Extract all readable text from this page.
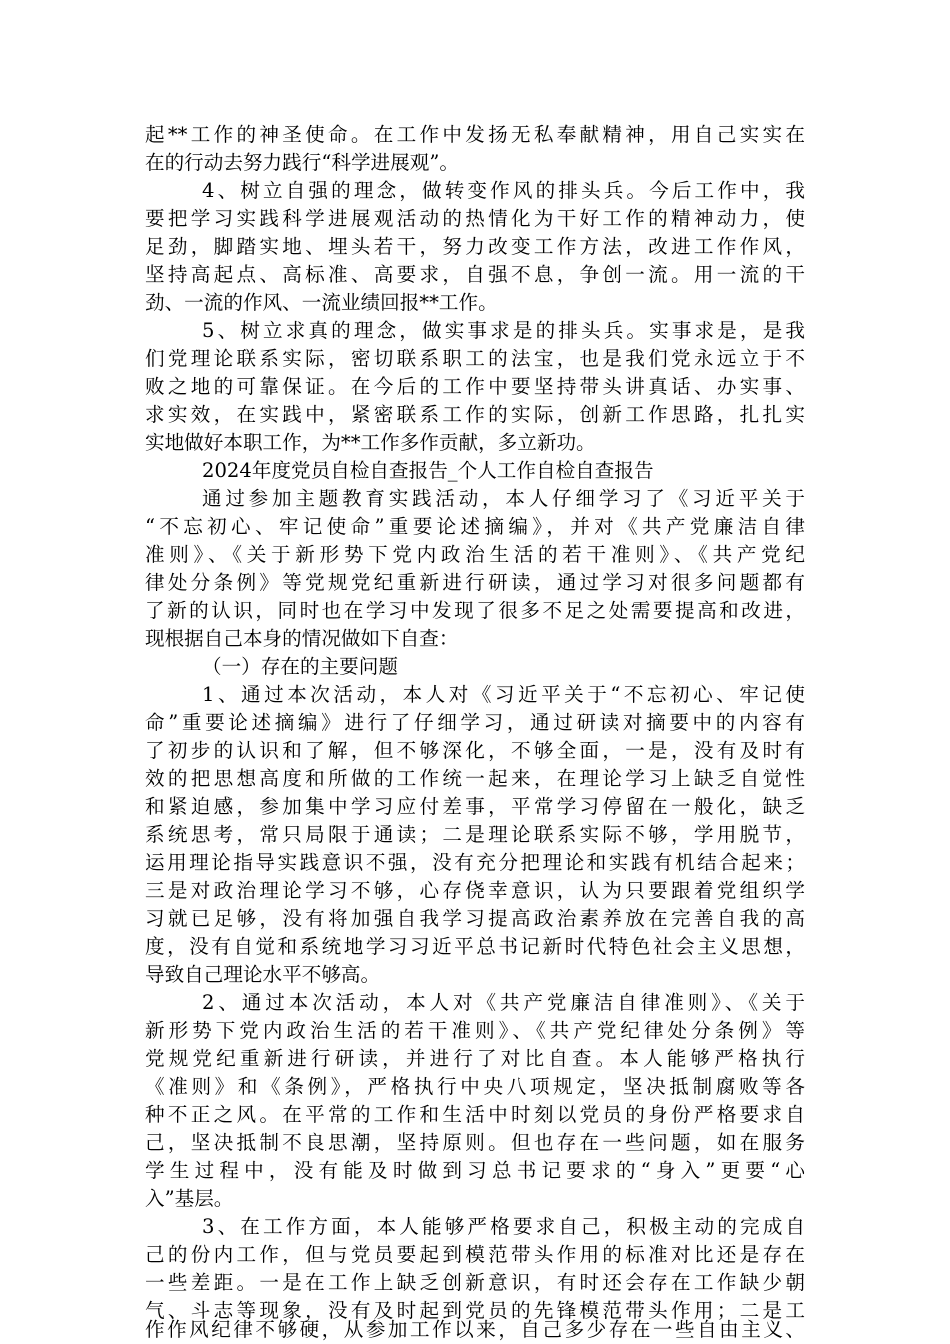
起**工作的神圣使命。在工作中发扬无私奉献精神，用自己实实在
在的行动去努力践行“科学进展观”。
4、树立自强的理念，做转变作风的排头兵。今后工作中，我
要把学习实践科学进展观活动的热情化为干好工作的精神动力，使
足劲，脚踏实地、埋头若干，努力改变工作方法，改进工作作风，
坚持高起点、高标准、高要求，自强不息，争创一流。用一流的干
劲、一流的作风、一流业绩回报**工作。
5、树立求真的理念，做实事求是的排头兵。实事求是，是我
们党理论联系实际，密切联系职工的法宝，也是我们党永远立于不
败之地的可靠保证。在今后的工作中要坚持带头讲真话、办实事、
求实效，在实践中，紧密联系工作的实际，创新工作思路，扎扎实
实地做好本职工作，为**工作多作贡献，多立新功。
2024年度党员自检自查报告_个人工作自检自查报告
通过参加主题教育实践活动，本人仔细学习了《习近平关于
“不忘初心、牢记使命”重要论述摘编》，并对《共产党廉洁自律
准则》、《关于新形势下党内政治生活的若干准则》、《共产党纪
律处分条例》等党规党纪重新进行研读，通过学习对很多问题都有
了新的认识，同时也在学习中发现了很多不足之处需要提高和改进，
现根据自己本身的情况做如下自查：
（一）存在的主要问题
1、通过本次活动，本人对《习近平关于“不忘初心、牢记使
命”重要论述摘编》进行了仔细学习，通过研读对摘要中的内容有
了初步的认识和了解，但不够深化，不够全面，一是，没有及时有
效的把思想高度和所做的工作统一起来，在理论学习上缺乏自觉性
和紧迫感，参加集中学习应付差事，平常学习停留在一般化，缺乏
系统思考，常只局限于通读；二是理论联系实际不够，学用脱节，
运用理论指导实践意识不强，没有充分把理论和实践有机结合起来；
三是对政治理论学习不够，心存侥幸意识，认为只要跟着党组织学
习就已足够，没有将加强自我学习提高政治素养放在完善自我的高
度，没有自觉和系统地学习习近平总书记新时代特色社会主义思想，
导致自己理论水平不够高。
2、通过本次活动，本人对《共产党廉洁自律准则》、《关于
新形势下党内政治生活的若干准则》、《共产党纪律处分条例》等
党规党纪重新进行研读，并进行了对比自查。本人能够严格执行
《准则》和《条例》，严格执行中央八项规定，坚决抵制腐败等各
种不正之风。在平常的工作和生活中时刻以党员的身份严格要求自
己，坚决抵制不良思潮，坚持原则。但也存在一些问题，如在服务
学生过程中，没有能及时做到习总书记要求的“身入”更要“心
入”基层。
3、在工作方面，本人能够严格要求自己，积极主动的完成自
己的份内工作，但与党员要起到模范带头作用的标准对比还是存在
一些差距。一是在工作上缺乏创新意识，有时还会存在工作缺少朝
气、斗志等现象，没有及时起到党员的先锋模范带头作用；二是工
作作风纪律不够硬，从参加工作以来，自己多少存在一些自由主义、
